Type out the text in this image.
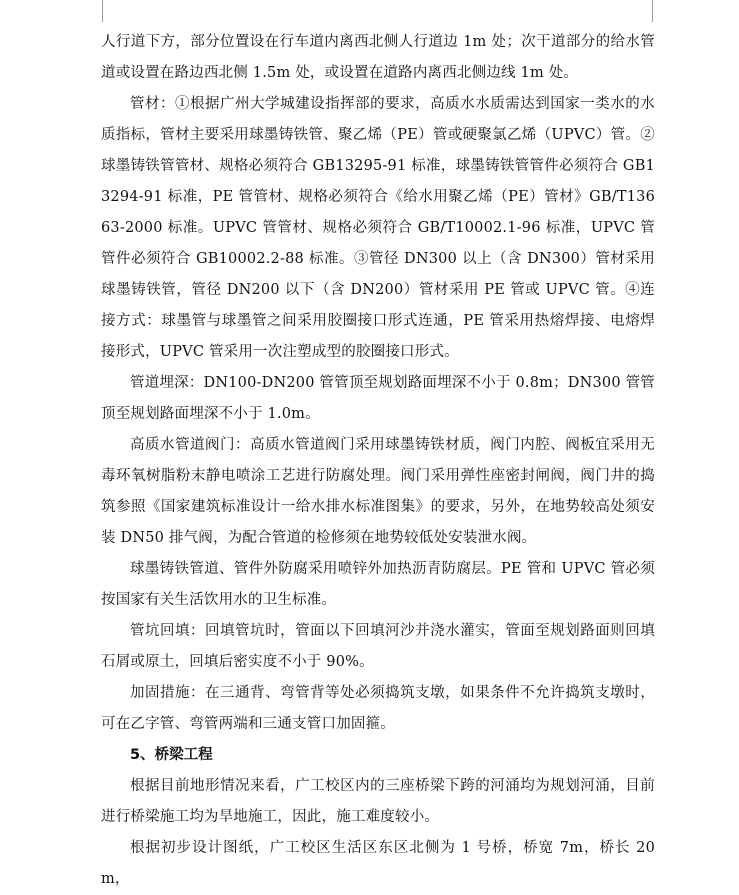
人行道下方，部分位置设在行车道内离西北侧人行道边 1m 处；次干道部分的给水管道或设置在路边西北侧 1.5m 处，或设置在道路内离西北侧边线 1m 处。

管材：①根据广州大学城建设指挥部的要求，高质水水质需达到国家一类水的水质指标，管材主要采用球墨铸铁管、聚乙烯（PE）管或硬聚氯乙烯（UPVC）管。②球墨铸铁管管材、规格必须符合 GB13295-91 标准，球墨铸铁管管件必须符合 GB13294-91 标准，PE 管管材、规格必须符合《给水用聚乙烯（PE）管材》GB/T13663-2000 标准。UPVC 管管材、规格必须符合 GB/T10002.1-96 标准，UPVC 管管件必须符合 GB10002.2-88 标准。③管径 DN300 以上（含 DN300）管材采用球墨铸铁管，管径 DN200 以下（含 DN200）管材采用 PE 管或 UPVC 管。④连接方式：球墨管与球墨管之间采用胶圈接口形式连通，PE 管采用热熔焊接、电熔焊接形式，UPVC 管采用一次注塑成型的胶圈接口形式。

管道埋深：DN100-DN200 管管顶至规划路面埋深不小于 0.8m；DN300 管管顶至规划路面埋深不小于 1.0m。

高质水管道阀门：高质水管道阀门采用球墨铸铁材质，阀门内腔、阀板宜采用无毒环氧树脂粉末静电喷涂工艺进行防腐处理。阀门采用弹性座密封闸阀，阀门井的捣筑参照《国家建筑标准设计一给水排水标准图集》的要求，另外，在地势较高处须安装 DN50 排气阀，为配合管道的检修须在地势较低处安装泄水阀。

球墨铸铁管道、管件外防腐采用喷锌外加热沥青防腐层。PE 管和 UPVC 管必须按国家有关生活饮用水的卫生标准。

管坑回填：回填管坑时，管面以下回填河沙并浇水灌实，管面至规划路面则回填石屑或原土，回填后密实度不小于 90%。

加固措施：在三通背、弯管背等处必须捣筑支墩，如果条件不允许捣筑支墩时，可在乙字管、弯管两端和三通支管口加固箍。

5、桥梁工程

根据目前地形情况来看，广工校区内的三座桥梁下跨的河涌均为规划河涌，目前进行桥梁施工均为旱地施工，因此，施工难度较小。

根据初步设计图纸，广工校区生活区东区北侧为 1 号桥，桥宽 7m，桥长 20m，
